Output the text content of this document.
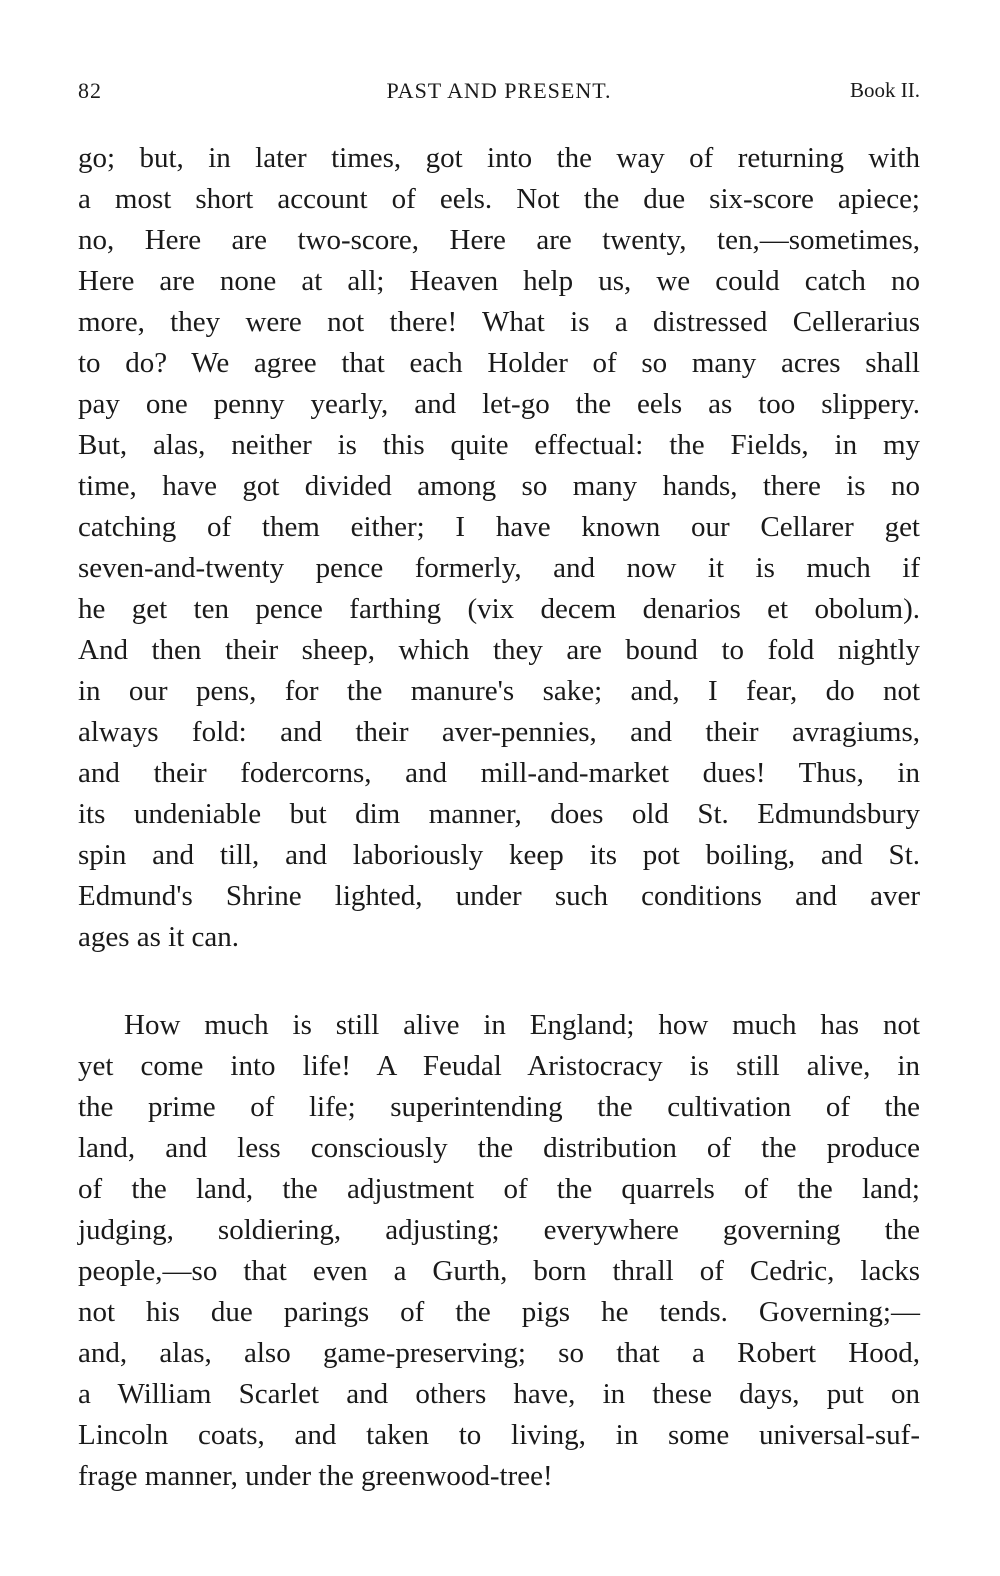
82	PAST AND PRESENT.	Book II.
go; but, in later times, got into the way of returning with
a most short account of eels. Not the due six-score apiece;
no, Here are two-score, Here are twenty, ten,—sometimes,
Here are none at all; Heaven help us, we could catch no
more, they were not there! What is a distressed Cellerarius
to do? We agree that each Holder of so many acres shall
pay one penny yearly, and let-go the eels as too slippery.
But, alas, neither is this quite effectual: the Fields, in my
time, have got divided among so many hands, there is no
catching of them either; I have known our Cellarer get
seven-and-twenty pence formerly, and now it is much if
he get ten pence farthing (vix decem denarios et obolum).
And then their sheep, which they are bound to fold nightly
in our pens, for the manure's sake; and, I fear, do not
always fold: and their aver-pennies, and their avragiums,
and their fodercorns, and mill-and-market dues! Thus, in
its undeniable but dim manner, does old St. Edmundsbury
spin and till, and laboriously keep its pot boiling, and St.
Edmund's Shrine lighted, under such conditions and aver
ages as it can.
How much is still alive in England; how much has not
yet come into life! A Feudal Aristocracy is still alive, in
the prime of life; superintending the cultivation of the
land, and less consciously the distribution of the produce
of the land, the adjustment of the quarrels of the land;
judging, soldiering, adjusting; everywhere governing the
people,—so that even a Gurth, born thrall of Cedric, lacks
not his due parings of the pigs he tends. Governing;—
and, alas, also game-preserving; so that a Robert Hood,
a William Scarlet and others have, in these days, put on
Lincoln coats, and taken to living, in some universal-suf-
frage manner, under the greenwood-tree!
